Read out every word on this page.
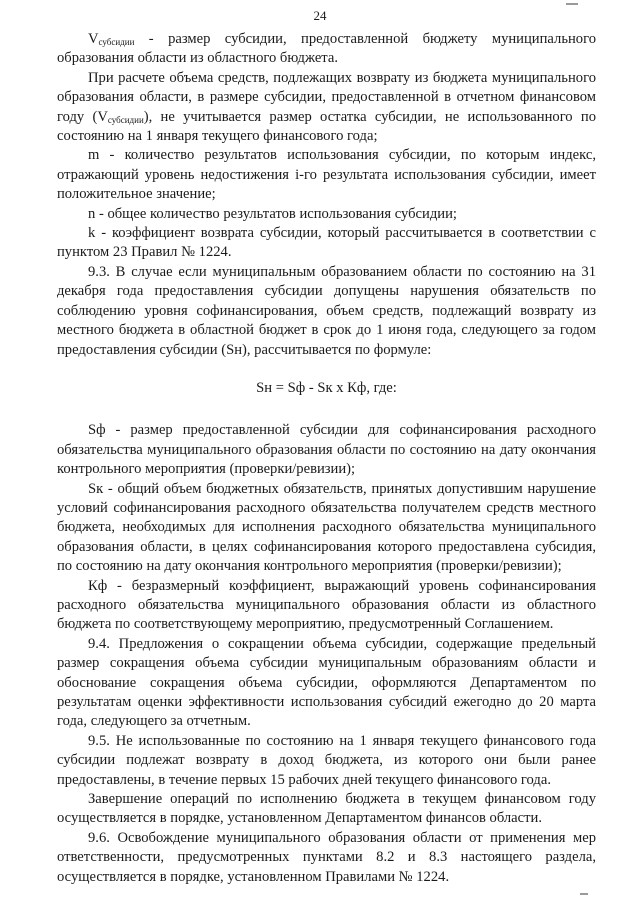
24

$V_{субсидии}$ - размер субсидии, предоставленной бюджету муниципального образования области из областного бюджета.

При расчете объема средств, подлежащих возврату из бюджета муниципального образования области, в размере субсидии, предоставленной в отчетном финансовом году $(V_{субсидии})$, не учитывается размер остатка субсидии, не использованного по состоянию на 1 января текущего финансового года;

m - количество результатов использования субсидии, по которым индекс, отражающий уровень недостижения i-го результата использования субсидии, имеет положительное значение;

n - общее количество результатов использования субсидии;

k - коэффициент возврата субсидии, который рассчитывается в соответствии с пунктом 23 Правил № 1224.

9.3. В случае если муниципальным образованием области по состоянию на 31 декабря года предоставления субсидии допущены нарушения обязательств по соблюдению уровня софинансирования, объем средств, подлежащий возврату из местного бюджета в областной бюджет в срок до 1 июня года, следующего за годом предоставления субсидии (Sн), рассчитывается по формуле:

Sн = Sф - Sк x Кф, где:

Sф - размер предоставленной субсидии для софинансирования расходного обязательства муниципального образования области по состоянию на дату окончания контрольного мероприятия (проверки/ревизии);

Sк - общий объем бюджетных обязательств, принятых допустившим нарушение условий софинансирования расходного обязательства получателем средств местного бюджета, необходимых для исполнения расходного обязательства муниципального образования области, в целях софинансирования которого предоставлена субсидия, по состоянию на дату окончания контрольного мероприятия (проверки/ревизии);

Кф - безразмерный коэффициент, выражающий уровень софинансирования расходного обязательства муниципального образования области из областного бюджета по соответствующему мероприятию, предусмотренный Соглашением.

9.4. Предложения о сокращении объема субсидии, содержащие предельный размер сокращения объема субсидии муниципальным образованиям области и обоснование сокращения объема субсидии, оформляются Департаментом по результатам оценки эффективности использования субсидий ежегодно до 20 марта года, следующего за отчетным.

9.5. Не использованные по состоянию на 1 января текущего финансового года субсидии подлежат возврату в доход бюджета, из которого они были ранее предоставлены, в течение первых 15 рабочих дней текущего финансового года.

Завершение операций по исполнению бюджета в текущем финансовом году осуществляется в порядке, установленном Департаментом финансов области.

9.6. Освобождение муниципального образования области от применения мер ответственности, предусмотренных пунктами 8.2 и 8.3 настоящего раздела, осуществляется в порядке, установленном Правилами № 1224.
